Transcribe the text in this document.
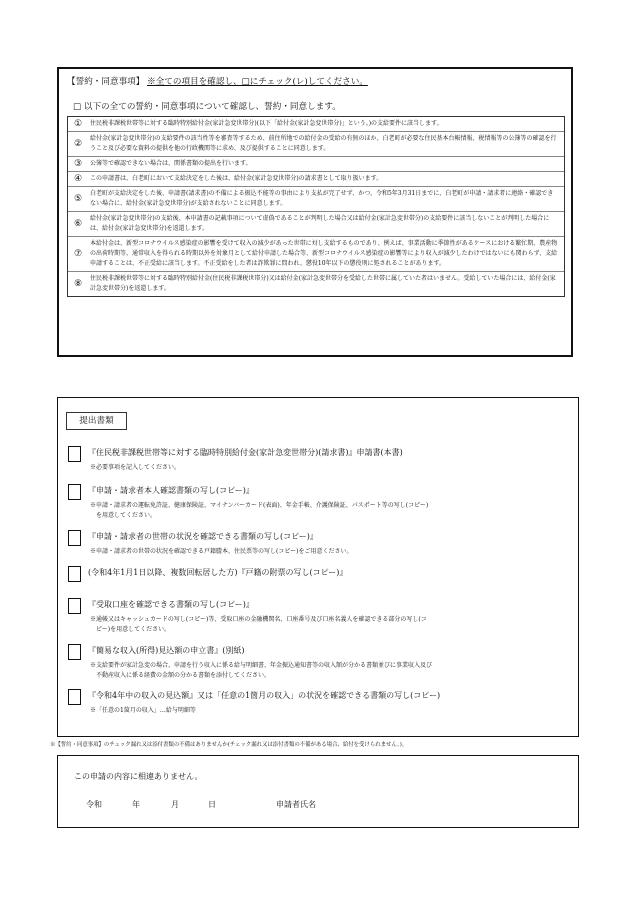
【誓約・同意事項】 ※全ての項目を確認し、□にチェック(レ)してください。
□ 以下の全ての誓約・同意事項について確認し、誓約・同意します。
①	住民税非課税世帯等に対する臨時特別給付金(家計急変世帯分)(以下「給付金(家計急変世帯分)」という。)の支給要件に該当します。
②
給付金(家計急変世帯分)の支給要件の該当性等を審査等するため、前住所地での給付金の受給の有無のほか、白老町が必要な住民基本台帳情報、税情報等の公簿等の確認を行うこと及び必要な資料の提供を他の行政機関等に求め、及び提供することに同意します。
③	公簿等で確認できない場合は、関係書類の提出を行います。
④	この申請書は、白老町において支給決定をした後は、給付金(家計急変世帯分)の請求書として取り扱います。
⑤
白老町が支給決定をした後、申請書(請求書)の不備による振込不能等の事由により支払が完了せず、かつ、令和5年3月31日までに、白老町が申請・請求者に連絡・確認できない場合に、給付金(家計急変世帯分)が支給されないことに同意します。
⑥
給付金(家計急変世帯分)の支給後、本申請書の記載事項について虚偽であることが判明した場合又は給付金(家計急変世帯分)の支給要件に該当しないことが判明した場合には、給付金(家計急変世帯分)を返還します。
⑦
本給付金は、新型コロナウイルス感染症の影響を受けて収入の減少があった世帯に対し支給するものであり、例えば、事業活動に季節性があるケースにおける繁忙期、農産物の出荷時期等、通常収入を得られる時期以外を対象月として給付申請した場合等、新型コロナウイルス感染症の影響等により収入が減少したわけではないにも関わらず、支給申請することは、不正受給に該当します。不正受給をした者は詐欺罪に問われ、懲役10年以下の懲役刑に処されることがあります。
⑧
住民税非課税世帯等に対する臨時特別給付金(住民税非課税世帯分)又は給付金(家計急変世帯分を受給した世帯に属していた者はいません。受給していた場合には、給付金(家計急変世帯分)を返還します。
提出書類
『住民税非課税世帯等に対する臨時特別給付金(家計急変世帯分)(請求書)』申請書(本書)
※必要事項を記入してください。
『申請・請求者本人確認書類の写し(コピー)』
※申請・請求者の運転免許証、健康保険証、マイナンバーカード(表面)、年金手帳、介護保険証、パスポート等の写し(コピー)
を用意してください。
『申請・請求者の世帯の状況を確認できる書類の写し(コピー)』
※申請・請求者の世帯の状況を確認できる戸籍謄本、住民票等の写し(コピー)をご用意ください。
(令和4年1月1日以降、複数回転居した方)『戸籍の附票の写し(コピー)』
『受取口座を確認できる書類の写し(コピー)』
※通帳又はキャッシュカードの写し(コピー)等、受取口座の金融機関名、口座番号及び口座名義人を確認できる部分の写し(コ
ピー)を用意してください。
『簡易な収入(所得)見込額の申立書』(別紙)
※支給要件が家計急変の場合、申請を行う収入に係る給与明細書、年金振込通知書等の収入額が分かる書類並びに事業収入及び
不動産収入に係る経費の金額の分かる書類を添付してください。
『令和4年中の収入の見込額』又は「任意の1箇月の収入」の状況を確認できる書類の写し(コピー)
※「任意の1箇月の収入」…給与明細等
※【誓約・同意事項】のチェック漏れ又は添付書類の不備はありませんか(チェック漏れ又は添付書類の不備がある場合、給付を受けられません。)。
この申請の内容に相違ありません。
令和	年	月	日	申請者氏名
